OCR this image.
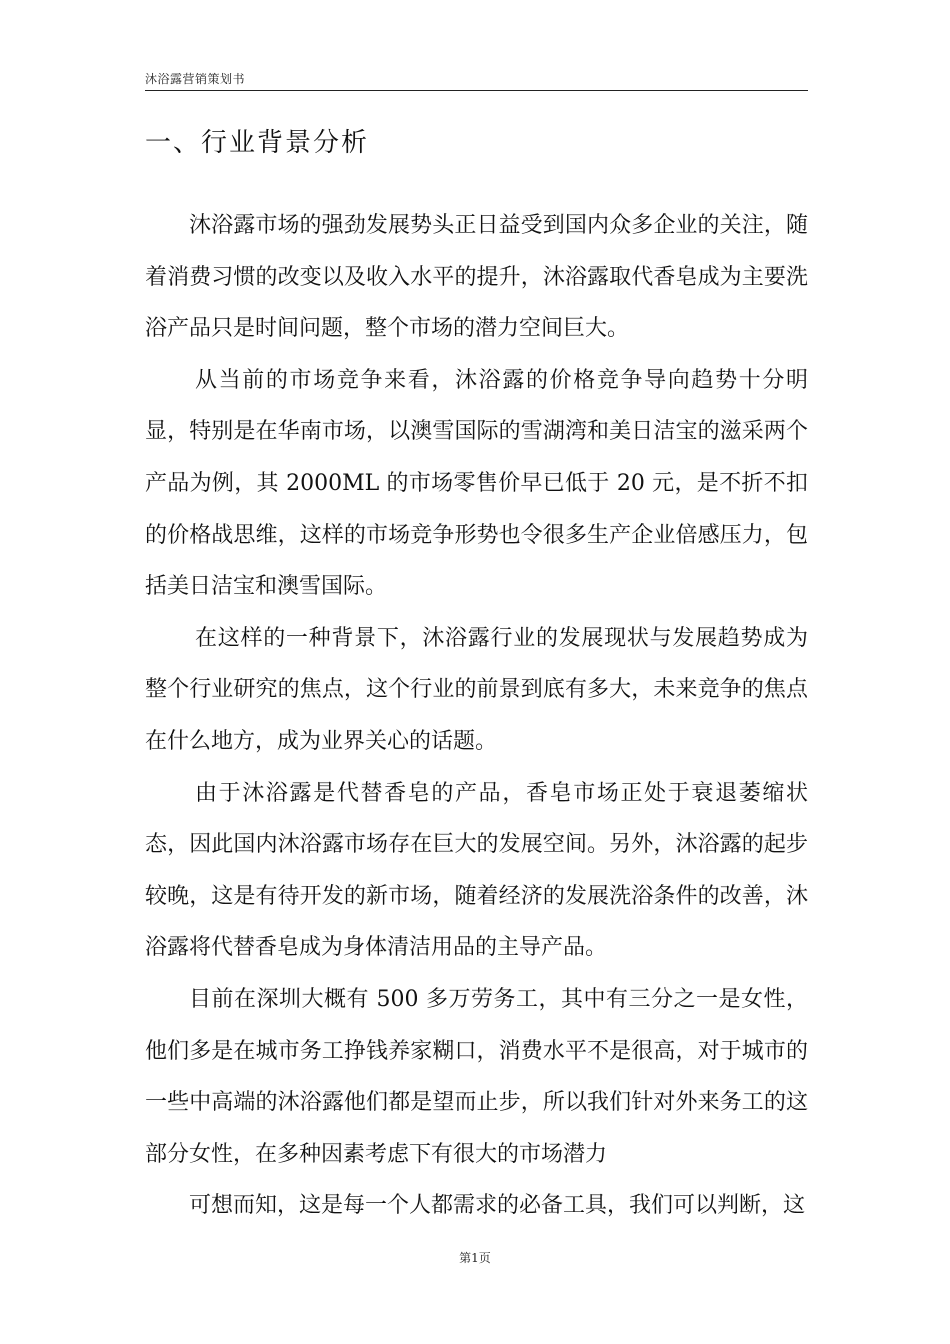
沐浴露营销策划书
一、行业背景分析

沐浴露市场的强劲发展势头正日益受到国内众多企业的关注，随着消费习惯的改变以及收入水平的提升，沐浴露取代香皂成为主要洗浴产品只是时间问题，整个市场的潜力空间巨大。

从当前的市场竞争来看，沐浴露的价格竞争导向趋势十分明显，特别是在华南市场，以澳雪国际的雪湖湾和美日洁宝的滋采两个产品为例，其 2000ML 的市场零售价早已低于 20 元，是不折不扣的价格战思维，这样的市场竞争形势也令很多生产企业倍感压力，包括美日洁宝和澳雪国际。

在这样的一种背景下，沐浴露行业的发展现状与发展趋势成为整个行业研究的焦点，这个行业的前景到底有多大，未来竞争的焦点在什么地方，成为业界关心的话题。

由于沐浴露是代替香皂的产品，香皂市场正处于衰退萎缩状态，因此国内沐浴露市场存在巨大的发展空间。另外，沐浴露的起步较晚，这是有待开发的新市场，随着经济的发展洗浴条件的改善，沐浴露将代替香皂成为身体清洁用品的主导产品。

目前在深圳大概有 500 多万劳务工，其中有三分之一是女性，他们多是在城市务工挣钱养家糊口，消费水平不是很高，对于城市的一些中高端的沐浴露他们都是望而止步，所以我们针对外来务工的这部分女性，在多种因素考虑下有很大的市场潜力

可想而知，这是每一个人都需求的必备工具，我们可以判断，这

第1页
